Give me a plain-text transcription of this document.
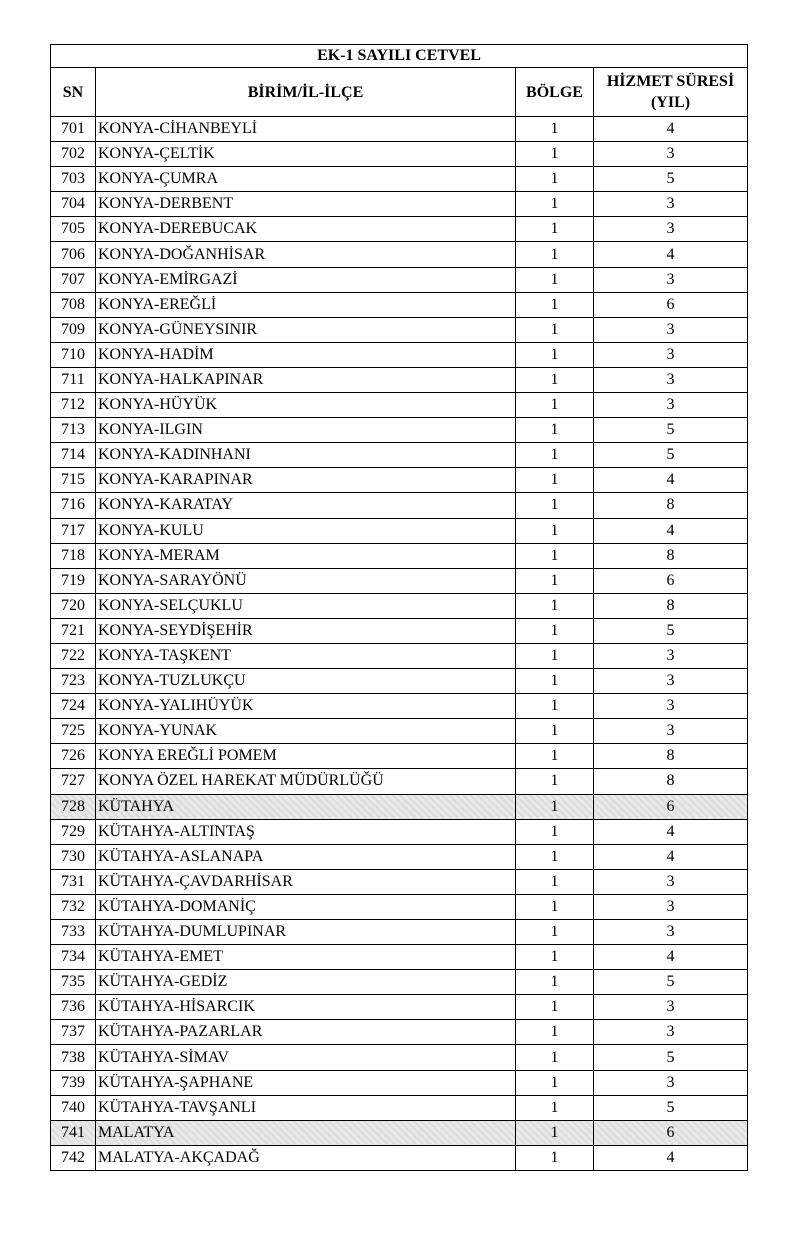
EK-1 SAYILI CETVEL			
SN	BİRİM/İL-İLÇE	BÖLGE	HİZMET SÜRESİ (YIL)
701	KONYA-CİHANBEYLİ	1	4
702	KONYA-ÇELTİK	1	3
703	KONYA-ÇUMRA	1	5
704	KONYA-DERBENT	1	3
705	KONYA-DEREBUCAK	1	3
706	KONYA-DOĞANHİSAR	1	4
707	KONYA-EMİRGAZİ	1	3
708	KONYA-EREĞLİ	1	6
709	KONYA-GÜNEYSINIR	1	3
710	KONYA-HADİM	1	3
711	KONYA-HALKAPINAR	1	3
712	KONYA-HÜYÜK	1	3
713	KONYA-ILGIN	1	5
714	KONYA-KADINHANI	1	5
715	KONYA-KARAPINAR	1	4
716	KONYA-KARATAY	1	8
717	KONYA-KULU	1	4
718	KONYA-MERAM	1	8
719	KONYA-SARAYÖNÜ	1	6
720	KONYA-SELÇUKLU	1	8
721	KONYA-SEYDİŞEHİR	1	5
722	KONYA-TAŞKENT	1	3
723	KONYA-TUZLUKÇU	1	3
724	KONYA-YALIHÜYÜK	1	3
725	KONYA-YUNAK	1	3
726	KONYA EREĞLİ POMEM	1	8
727	KONYA ÖZEL HAREKAT MÜDÜRLÜĞÜ	1	8
728	KÜTAHYA	1	6
729	KÜTAHYA-ALTINTAŞ	1	4
730	KÜTAHYA-ASLANAPA	1	4
731	KÜTAHYA-ÇAVDARHİSAR	1	3
732	KÜTAHYA-DOMANİÇ	1	3
733	KÜTAHYA-DUMLUPINAR	1	3
734	KÜTAHYA-EMET	1	4
735	KÜTAHYA-GEDİZ	1	5
736	KÜTAHYA-HİSARCIK	1	3
737	KÜTAHYA-PAZARLAR	1	3
738	KÜTAHYA-SİMAV	1	5
739	KÜTAHYA-ŞAPHANE	1	3
740	KÜTAHYA-TAVŞANLI	1	5
741	MALATYA	1	6
742	MALATYA-AKÇADAĞ	1	4
